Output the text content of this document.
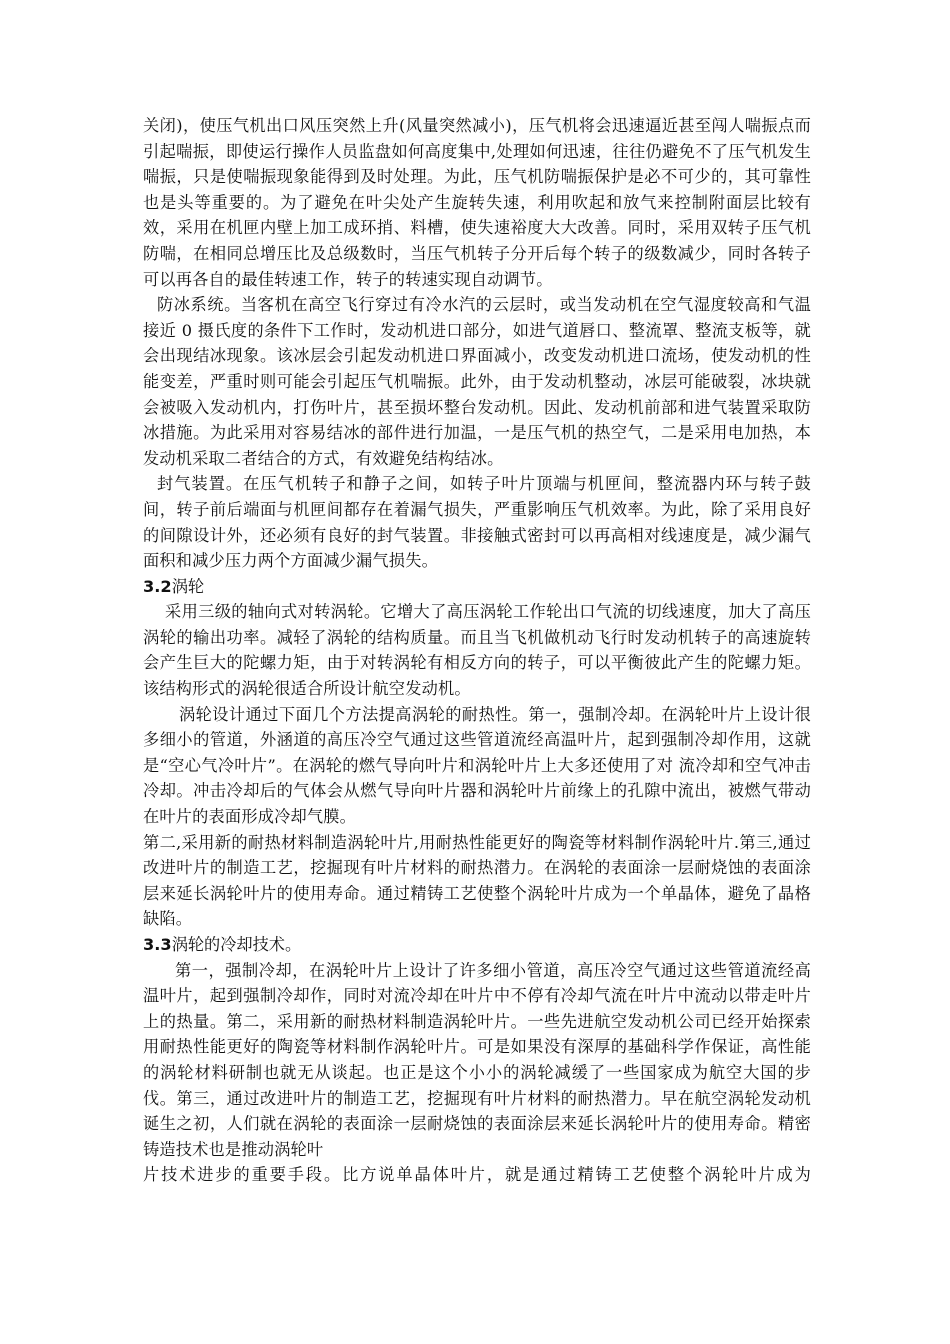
关闭)，使压气机出口风压突然上升(风量突然减小)，压气机将会迅速逼近甚至闯人喘振点而引起喘振，即使运行操作人员监盘如何高度集中,处理如何迅速，往往仍避免不了压气机发生喘振，只是使喘振现象能得到及时处理。为此，压气机防喘振保护是必不可少的，其可靠性也是头等重要的。为了避免在叶尖处产生旋转失速，利用吹起和放气来控制附面层比较有效，采用在机匣内壁上加工成环捎、料槽，使失速裕度大大改善。同时，采用双转子压气机防喘，在相同总增压比及总级数时，当压气机转子分开后每个转子的级数减少，同时各转子可以再各自的最佳转速工作，转子的转速实现自动调节。

防冰系统。当客机在高空飞行穿过有冷水汽的云层时，或当发动机在空气湿度较高和气温接近 0 摄氏度的条件下工作时，发动机进口部分，如进气道唇口、整流罩、整流支板等，就会出现结冰现象。该冰层会引起发动机进口界面减小，改变发动机进口流场，使发动机的性能变差，严重时则可能会引起压气机喘振。此外，由于发动机整动，冰层可能破裂，冰块就会被吸入发动机内，打伤叶片，甚至损坏整台发动机。因此、发动机前部和进气装置采取防冰措施。为此采用对容易结冰的部件进行加温，一是压气机的热空气，二是采用电加热，本发动机采取二者结合的方式，有效避免结构结冰。

封气装置。在压气机转子和静子之间，如转子叶片顶端与机匣间，整流器内环与转子鼓间，转子前后端面与机匣间都存在着漏气损失，严重影响压气机效率。为此，除了采用良好的间隙设计外，还必须有良好的封气装置。非接触式密封可以再高相对线速度是，减少漏气面积和减少压力两个方面减少漏气损失。

3.2涡轮

采用三级的轴向式对转涡轮。它增大了高压涡轮工作轮出口气流的切线速度，加大了高压涡轮的输出功率。减轻了涡轮的结构质量。而且当飞机做机动飞行时发动机转子的高速旋转会产生巨大的陀螺力矩，由于对转涡轮有相反方向的转子，可以平衡彼此产生的陀螺力矩。该结构形式的涡轮很适合所设计航空发动机。

涡轮设计通过下面几个方法提高涡轮的耐热性。第一，强制冷却。在涡轮叶片上设计很多细小的管道，外涵道的高压冷空气通过这些管道流经高温叶片，起到强制冷却作用，这就是“空心气冷叶片”。在涡轮的燃气导向叶片和涡轮叶片上大多还使用了对 流冷却和空气冲击冷却。冲击冷却后的气体会从燃气导向叶片器和涡轮叶片前缘上的孔隙中流出，被燃气带动在叶片的表面形成冷却气膜。

第二,采用新的耐热材料制造涡轮叶片,用耐热性能更好的陶瓷等材料制作涡轮叶片.第三,通过改进叶片的制造工艺，挖掘现有叶片材料的耐热潜力。在涡轮的表面涂一层耐烧蚀的表面涂层来延长涡轮叶片的使用寿命。通过精铸工艺使整个涡轮叶片成为一个单晶体，避免了晶格缺陷。

3.3涡轮的冷却技术。

第一，强制冷却，在涡轮叶片上设计了许多细小管道，高压冷空气通过这些管道流经高温叶片，起到强制冷却作，同时对流冷却在叶片中不停有冷却气流在叶片中流动以带走叶片上的热量。第二，采用新的耐热材料制造涡轮叶片。一些先进航空发动机公司已经开始探索用耐热性能更好的陶瓷等材料制作涡轮叶片。可是如果没有深厚的基础科学作保证，高性能的涡轮材料研制也就无从谈起。也正是这个小小的涡轮减缓了一些国家成为航空大国的步伐。第三，通过改进叶片的制造工艺，挖掘现有叶片材料的耐热潜力。早在航空涡轮发动机诞生之初，人们就在涡轮的表面涂一层耐烧蚀的表面涂层来延长涡轮叶片的使用寿命。精密铸造技术也是推动涡轮叶

片技术进步的重要手段。比方说单晶体叶片，就是通过精铸工艺使整个涡轮叶片成为
